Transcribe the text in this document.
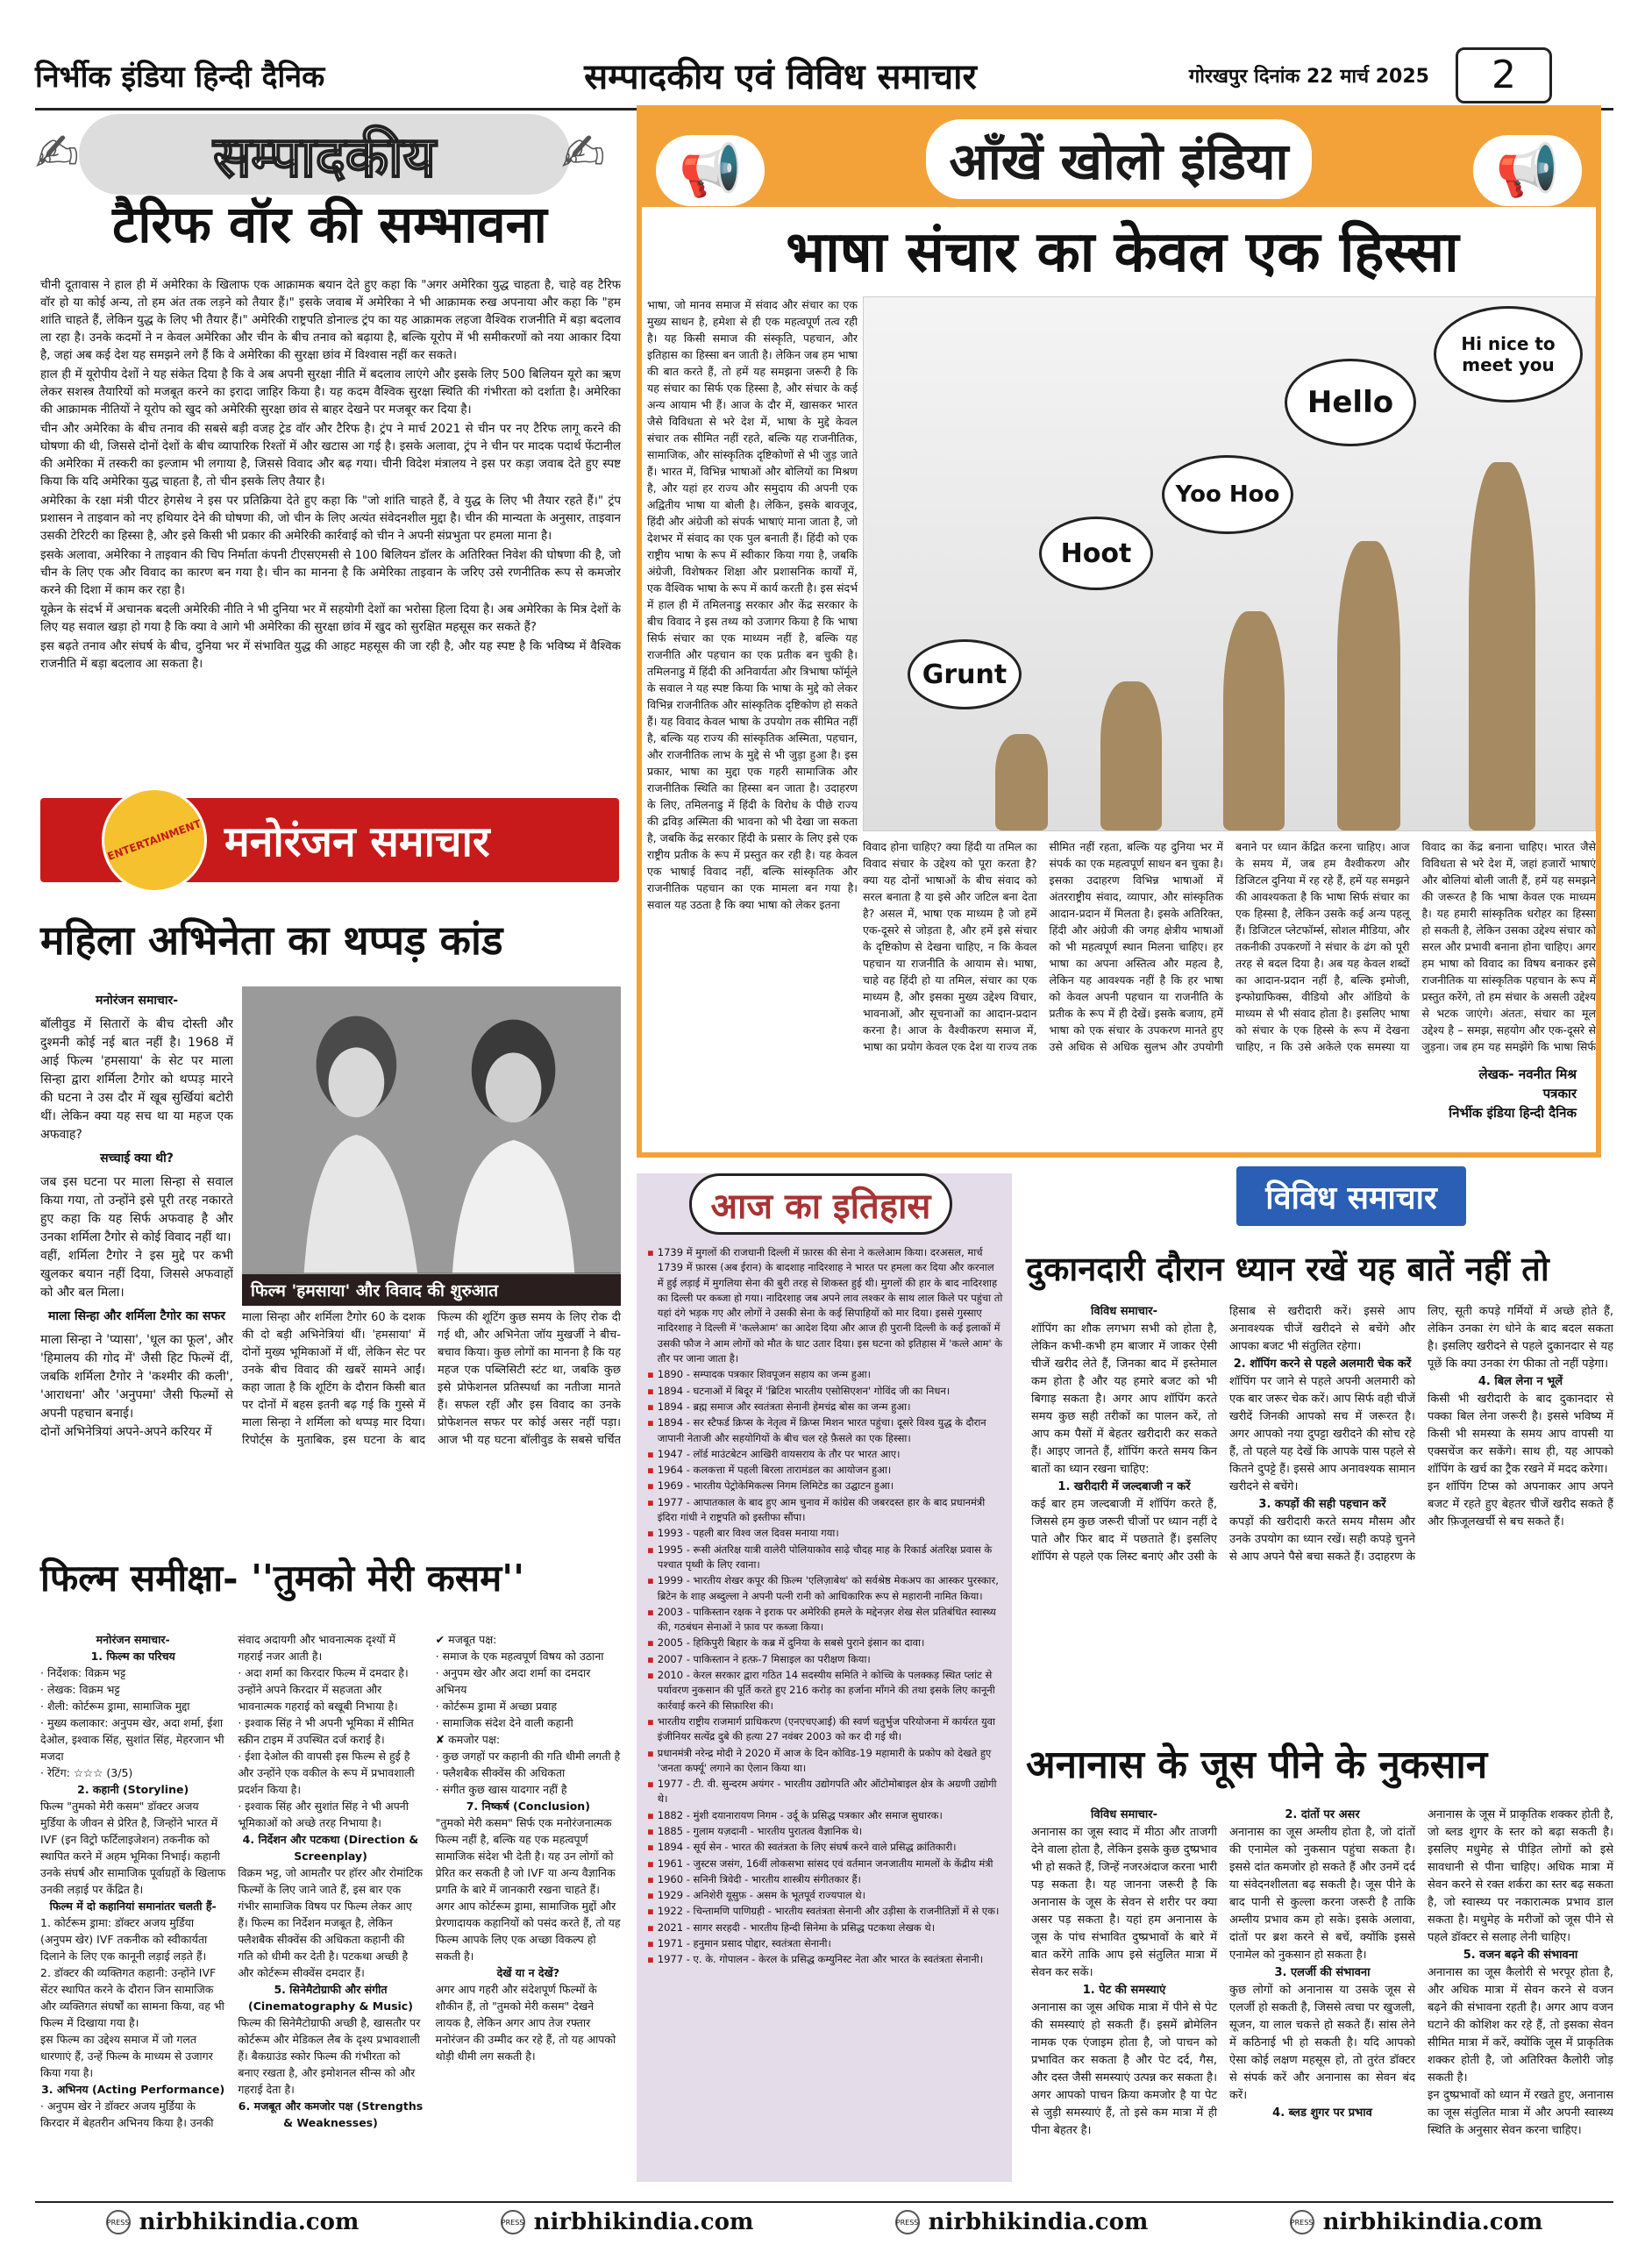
निर्भीक इंडिया हिन्दी दैनिक	सम्पादकीय एवं विविध समाचार	गोरखपुर दिनांक 22 मार्च 2025	2
✍ सम्पादकीय ✍
टैरिफ वॉर की सम्भावना

चीनी दूतावास ने हाल ही में अमेरिका के खिलाफ एक आक्रामक बयान देते हुए कहा कि "अगर अमेरिका युद्ध चाहता है, चाहे वह टैरिफ वॉर हो या कोई अन्य, तो हम अंत तक लड़ने को तैयार हैं।" इसके जवाब में अमेरिका ने भी आक्रामक रुख अपनाया और कहा कि "हम शांति चाहते हैं, लेकिन युद्ध के लिए भी तैयार हैं।" अमेरिकी राष्ट्रपति डोनाल्ड ट्रंप का यह आक्रामक लहजा वैश्विक राजनीति में बड़ा बदलाव ला रहा है। उनके कदमों ने न केवल अमेरिका और चीन के बीच तनाव को बढ़ाया है, बल्कि यूरोप में भी समीकरणों को नया आकार दिया है, जहां अब कई देश यह समझने लगे हैं कि वे अमेरिका की सुरक्षा छांव में विश्वास नहीं कर सकते।

हाल ही में यूरोपीय देशों ने यह संकेत दिया है कि वे अब अपनी सुरक्षा नीति में बदलाव लाएंगे और इसके लिए 500 बिलियन यूरो का ऋण लेकर सशस्त्र तैयारियों को मजबूत करने का इरादा जाहिर किया है। यह कदम वैश्विक सुरक्षा स्थिति की गंभीरता को दर्शाता है। अमेरिका की आक्रामक नीतियों ने यूरोप को खुद को अमेरिकी सुरक्षा छांव से बाहर देखने पर मजबूर कर दिया है।

चीन और अमेरिका के बीच तनाव की सबसे बड़ी वजह ट्रेड वॉर और टैरिफ है। ट्रंप ने मार्च 2021 से चीन पर नए टैरिफ लागू करने की घोषणा की थी, जिससे दोनों देशों के बीच व्यापारिक रिश्तों में और खटास आ गई है। इसके अलावा, ट्रंप ने चीन पर मादक पदार्थ फेंटानील की अमेरिका में तस्करी का इल्जाम भी लगाया है, जिससे विवाद और बढ़ गया। चीनी विदेश मंत्रालय ने इस पर कड़ा जवाब देते हुए स्पष्ट किया कि यदि अमेरिका युद्ध चाहता है, तो चीन इसके लिए तैयार है।

अमेरिका के रक्षा मंत्री पीटर हेगसेथ ने इस पर प्रतिक्रिया देते हुए कहा कि "जो शांति चाहते हैं, वे युद्ध के लिए भी तैयार रहते हैं।" ट्रंप प्रशासन ने ताइवान को नए हथियार देने की घोषणा की, जो चीन के लिए अत्यंत संवेदनशील मुद्दा है। चीन की मान्यता के अनुसार, ताइवान उसकी टेरिटरी का हिस्सा है, और इसे किसी भी प्रकार की अमेरिकी कार्रवाई को चीन ने अपनी संप्रभुता पर हमला माना है।

इसके अलावा, अमेरिका ने ताइवान की चिप निर्माता कंपनी टीएसएमसी से 100 बिलियन डॉलर के अतिरिक्त निवेश की घोषणा की है, जो चीन के लिए एक और विवाद का कारण बन गया है। चीन का मानना है कि अमेरिका ताइवान के जरिए उसे रणनीतिक रूप से कमजोर करने की दिशा में काम कर रहा है।

यूक्रेन के संदर्भ में अचानक बदली अमेरिकी नीति ने भी दुनिया भर में सहयोगी देशों का भरोसा हिला दिया है। अब अमेरिका के मित्र देशों के लिए यह सवाल खड़ा हो गया है कि क्या वे आगे भी अमेरिका की सुरक्षा छांव में खुद को सुरक्षित महसूस कर सकते हैं?

इस बढ़ते तनाव और संघर्ष के बीच, दुनिया भर में संभावित युद्ध की आहट महसूस की जा रही है, और यह स्पष्ट है कि भविष्य में वैश्विक राजनीति में बड़ा बदलाव आ सकता है।

ENTERTAINMENT मनोरंजन समाचार
महिला अभिनेता का थप्पड़ कांड
मनोरंजन समाचार-

बॉलीवुड में सितारों के बीच दोस्ती और दुश्मनी कोई नई बात नहीं है। 1968 में आई फिल्म 'हमसाया' के सेट पर माला सिन्हा द्वारा शर्मिला टैगोर को थप्पड़ मारने की घटना ने उस दौर में खूब सुर्खियां बटोरी थीं। लेकिन क्या यह सच था या महज एक अफवाह?

सच्चाई क्या थी?

जब इस घटना पर माला सिन्हा से सवाल किया गया, तो उन्होंने इसे पूरी तरह नकारते हुए कहा कि यह सिर्फ अफवाह है और उनका शर्मिला टैगोर से कोई विवाद नहीं था।

वहीं, शर्मिला टैगोर ने इस मुद्दे पर कभी खुलकर बयान नहीं दिया, जिससे अफवाहों को और बल मिला।

माला सिन्हा और शर्मिला टैगोर का सफर

माला सिन्हा ने 'प्यासा', 'धूल का फूल', और 'हिमालय की गोद में' जैसी हिट फिल्में दीं, जबकि शर्मिला टैगोर ने 'कश्मीर की कली', 'आराधना' और 'अनुपमा' जैसी फिल्मों से अपनी पहचान बनाई।

दोनों अभिनेत्रियां अपने-अपने करियर में

फिल्म 'हमसाया' और विवाद की शुरुआत
माला सिन्हा और शर्मिला टैगोर 60 के दशक की दो बड़ी अभिनेत्रियां थीं। 'हमसाया' में दोनों मुख्य भूमिकाओं में थीं, लेकिन सेट पर उनके बीच विवाद की खबरें सामने आईं। कहा जाता है कि शूटिंग के दौरान किसी बात पर दोनों में बहस इतनी बढ़ गई कि गुस्से में माला सिन्हा ने शर्मिला को थप्पड़ मार दिया। रिपोर्ट्स के मुताबिक, इस घटना के बाद फिल्म की शूटिंग कुछ समय के लिए रोक दी गई थी, और अभिनेता जॉय मुखर्जी ने बीच-बचाव किया। कुछ लोगों का मानना है कि यह महज एक पब्लिसिटी स्टंट था, जबकि कुछ इसे प्रोफेशनल प्रतिस्पर्धा का नतीजा मानते हैं। सफल रहीं और इस विवाद का उनके प्रोफेशनल सफर पर कोई असर नहीं पड़ा। आज भी यह घटना बॉलीवुड के सबसे चर्चित
फिल्म समीक्षा- ''तुमको मेरी कसम''
मनोरंजन समाचार-
1. फिल्म का परिचय

· निर्देशक: विक्रम भट्ट

· लेखक: विक्रम भट्ट

· शैली: कोर्टरूम ड्रामा, सामाजिक मुद्दा

· मुख्य कलाकार: अनुपम खेर, अदा शर्मा, ईशा देओल, इश्वाक सिंह, सुशांत सिंह, मेहरजान भी मजदा

· रेटिंग: ☆☆☆ (3/5)

2. कहानी (Storyline)

फिल्म "तुमको मेरी कसम" डॉक्टर अजय मुर्डिया के जीवन से प्रेरित है, जिन्होंने भारत में IVF (इन विट्रो फर्टिलाइजेशन) तकनीक को स्थापित करने में अहम भूमिका निभाई। कहानी उनके संघर्ष और सामाजिक पूर्वाग्रहों के खिलाफ उनकी लड़ाई पर केंद्रित है।

फिल्म में दो कहानियां समानांतर चलती हैं-

1. कोर्टरूम ड्रामा: डॉक्टर अजय मुर्डिया (अनुपम खेर) IVF तकनीक को स्वीकार्यता दिलाने के लिए एक कानूनी लड़ाई लड़ते हैं।

2. डॉक्टर की व्यक्तिगत कहानी: उन्होंने IVF सेंटर स्थापित करने के दौरान जिन सामाजिक और व्यक्तिगत संघर्षों का सामना किया, वह भी फिल्म में दिखाया गया है।

इस फिल्म का उद्देश्य समाज में जो गलत धारणाएं हैं, उन्हें फिल्म के माध्यम से उजागर किया गया है।

3. अभिनय (Acting Performance)

· अनुपम खेर ने डॉक्टर अजय मुर्डिया के किरदार में बेहतरीन अभिनय किया है। उनकी संवाद अदायगी और भावनात्मक दृश्यों में गहराई नजर आती है।

· अदा शर्मा का किरदार फिल्म में दमदार है। उन्होंने अपने किरदार में सहजता और भावनात्मक गहराई को बखूबी निभाया है।

· इश्वाक सिंह ने भी अपनी भूमिका में सीमित स्क्रीन टाइम में उपस्थित दर्ज कराई है।

· ईशा देओल की वापसी इस फिल्म से हुई है और उन्होंने एक वकील के रूप में प्रभावशाली प्रदर्शन किया है।

· इश्वाक सिंह और सुशांत सिंह ने भी अपनी भूमिकाओं को अच्छे तरह निभाया है।

4. निर्देशन और पटकथा (Direction & Screenplay)

विक्रम भट्ट, जो आमतौर पर हॉरर और रोमांटिक फिल्मों के लिए जाने जाते हैं, इस बार एक गंभीर सामाजिक विषय पर फिल्म लेकर आए हैं। फिल्म का निर्देशन मजबूत है, लेकिन फ्लैशबैक सीक्वेंस की अधिकता कहानी की गति को धीमी कर देती है। पटकथा अच्छी है और कोर्टरूम सीक्वेंस दमदार हैं।

5. सिनेमैटोग्राफी और संगीत (Cinematography & Music)

फिल्म की सिनेमैटोग्राफी अच्छी है, खासतौर पर कोर्टरूम और मेडिकल लैब के दृश्य प्रभावशाली हैं। बैकग्राउंड स्कोर फिल्म की गंभीरता को बनाए रखता है, और इमोशनल सीन्स को और गहराई देता है।

6. मजबूत और कमजोर पक्ष (Strengths & Weaknesses)

✔ मजबूत पक्ष:

· समाज के एक महत्वपूर्ण विषय को उठाना

· अनुपम खेर और अदा शर्मा का दमदार अभिनय

· कोर्टरूम ड्रामा में अच्छा प्रवाह

· सामाजिक संदेश देने वाली कहानी

✘ कमजोर पक्ष:

· कुछ जगहों पर कहानी की गति धीमी लगती है

· फ्लैशबैक सीक्वेंस की अधिकता

· संगीत कुछ खास यादगार नहीं है

7. निष्कर्ष (Conclusion)

"तुमको मेरी कसम" सिर्फ एक मनोरंजनात्मक फिल्म नहीं है, बल्कि यह एक महत्वपूर्ण सामाजिक संदेश भी देती है। यह उन लोगों को प्रेरित कर सकती है जो IVF या अन्य वैज्ञानिक प्रगति के बारे में जानकारी रखना चाहते हैं। अगर आप कोर्टरूम ड्रामा, सामाजिक मुद्दों और प्रेरणादायक कहानियों को पसंद करते हैं, तो यह फिल्म आपके लिए एक अच्छा विकल्प हो सकती है।

देखें या न देखें?

अगर आप गहरी और संदेशपूर्ण फिल्मों के शौकीन हैं, तो "तुमको मेरी कसम" देखने लायक है, लेकिन अगर आप तेज रफ्तार मनोरंजन की उम्मीद कर रहे हैं, तो यह आपको थोड़ी धीमी लग सकती है।

📢	आँखें खोलो इंडिया	📢
भाषा संचार का केवल एक हिस्सा
भाषा, जो मानव समाज में संवाद और संचार का एक मुख्य साधन है, हमेशा से ही एक महत्वपूर्ण तत्व रही है। यह किसी समाज की संस्कृति, पहचान, और इतिहास का हिस्सा बन जाती है। लेकिन जब हम भाषा की बात करते हैं, तो हमें यह समझना जरूरी है कि यह संचार का सिर्फ एक हिस्सा है, और संचार के कई अन्य आयाम भी हैं। आज के दौर में, खासकर भारत जैसे विविधता से भरे देश में, भाषा के मुद्दे केवल संचार तक सीमित नहीं रहते, बल्कि यह राजनीतिक, सामाजिक, और सांस्कृतिक दृष्टिकोणों से भी जुड़ जाते हैं। भारत में, विभिन्न भाषाओं और बोलियों का मिश्रण है, और यहां हर राज्य और समुदाय की अपनी एक अद्वितीय भाषा या बोली है। लेकिन, इसके बावजूद, हिंदी और अंग्रेजी को संपर्क भाषाएं माना जाता है, जो देशभर में संवाद का एक पुल बनाती हैं। हिंदी को एक राष्ट्रीय भाषा के रूप में स्वीकार किया गया है, जबकि अंग्रेजी, विशेषकर शिक्षा और प्रशासनिक कार्यों में, एक वैश्विक भाषा के रूप में कार्य करती है। इस संदर्भ में हाल ही में तमिलनाडु सरकार और केंद्र सरकार के बीच विवाद ने इस तथ्य को उजागर किया है कि भाषा सिर्फ संचार का एक माध्यम नहीं है, बल्कि यह राजनीति और पहचान का एक प्रतीक बन चुकी है। तमिलनाडु में हिंदी की अनिवार्यता और त्रिभाषा फॉर्मूले के सवाल ने यह स्पष्ट किया कि भाषा के मुद्दे को लेकर विभिन्न राजनीतिक और सांस्कृतिक दृष्टिकोण हो सकते हैं। यह विवाद केवल भाषा के उपयोग तक सीमित नहीं है, बल्कि यह राज्य की सांस्कृतिक अस्मिता, पहचान, और राजनीतिक लाभ के मुद्दे से भी जुड़ा हुआ है। इस प्रकार, भाषा का मुद्दा एक गहरी सामाजिक और राजनीतिक स्थिति का हिस्सा बन जाता है। उदाहरण के लिए, तमिलनाडु में हिंदी के विरोध के पीछे राज्य की द्रविड़ अस्मिता की भावना को भी देखा जा सकता है, जबकि केंद्र सरकार हिंदी के प्रसार के लिए इसे एक राष्ट्रीय प्रतीक के रूप में प्रस्तुत कर रही है। यह केवल एक भाषाई विवाद नहीं, बल्कि सांस्कृतिक और राजनीतिक पहचान का एक मामला बन गया है। सवाल यह उठता है कि क्या भाषा को लेकर इतना
Grunt
Hoot
Yoo Hoo
Hello
Hi nice to meet you
विवाद होना चाहिए? क्या हिंदी या तमिल का विवाद संचार के उद्देश्य को पूरा करता है? क्या यह दोनों भाषाओं के बीच संवाद को सरल बनाता है या इसे और जटिल बना देता है? असल में, भाषा एक माध्यम है जो हमें एक-दूसरे से जोड़ता है, और हमें इसे संचार के दृष्टिकोण से देखना चाहिए, न कि केवल पहचान या राजनीति के आयाम से। भाषा, चाहे वह हिंदी हो या तमिल, संचार का एक माध्यम है, और इसका मुख्य उद्देश्य विचार, भावनाओं, और सूचनाओं का आदान-प्रदान करना है। आज के वैश्वीकरण समाज में, भाषा का प्रयोग केवल एक देश या राज्य तक सीमित नहीं रहता, बल्कि यह दुनिया भर में संपर्क का एक महत्वपूर्ण साधन बन चुका है। इसका उदाहरण विभिन्न भाषाओं में अंतरराष्ट्रीय संवाद, व्यापार, और सांस्कृतिक आदान-प्रदान में मिलता है। इसके अतिरिक्त, हिंदी और अंग्रेजी की जगह क्षेत्रीय भाषाओं को भी महत्वपूर्ण स्थान मिलना चाहिए। हर भाषा का अपना अस्तित्व और महत्व है, लेकिन यह आवश्यक नहीं है कि हर भाषा को केवल अपनी पहचान या राजनीति के प्रतीक के रूप में ही देखें। इसके बजाय, हमें भाषा को एक संचार के उपकरण मानते हुए उसे अधिक से अधिक सुलभ और उपयोगी बनाने पर ध्यान केंद्रित करना चाहिए। आज के समय में, जब हम वैश्वीकरण और डिजिटल दुनिया में रह रहे हैं, हमें यह समझने की आवश्यकता है कि भाषा सिर्फ संचार का एक हिस्सा है, लेकिन उसके कई अन्य पहलू हैं। डिजिटल प्लेटफॉर्म्स, सोशल मीडिया, और तकनीकी उपकरणों ने संचार के ढंग को पूरी तरह से बदल दिया है। अब यह केवल शब्दों का आदान-प्रदान नहीं है, बल्कि इमोजी, इन्फोग्राफिक्स, वीडियो और ऑडियो के माध्यम से भी संवाद होता है। इसलिए भाषा को संचार के एक हिस्से के रूप में देखना चाहिए, न कि उसे अकेले एक समस्या या विवाद का केंद्र बनाना चाहिए। भारत जैसे विविधता से भरे देश में, जहां हजारों भाषाएं और बोलियां बोली जाती हैं, हमें यह समझने की जरूरत है कि भाषा केवल एक माध्यम है। यह हमारी सांस्कृतिक धरोहर का हिस्सा हो सकती है, लेकिन उसका उद्देश्य संचार को सरल और प्रभावी बनाना होना चाहिए। अगर हम भाषा को विवाद का विषय बनाकर इसे राजनीतिक या सांस्कृतिक पहचान के रूप में प्रस्तुत करेंगे, तो हम संचार के असली उद्देश्य से भटक जाएंगे। अंततः, संचार का मूल उद्देश्य है – समझ, सहयोग और एक-दूसरे से जुड़ना। जब हम यह समझेंगे कि भाषा सिर्फ
लेखक- नवनीत मिश्र
पत्रकार
निर्भीक इंडिया हिन्दी दैनिक
आज का इतिहास
▪ 1739 में मुगलों की राजधानी दिल्ली में फ़ारस की सेना ने कत्लेआम किया। दरअसल, मार्च 1739 में फ़ारस (अब ईरान) के बादशाह नादिरशाह ने भारत पर हमला कर दिया और करनाल में हुई लड़ाई में मुगलिया सेना की बुरी तरह से शिकस्त हुई थी। मुगलों की हार के बाद नादिरशाह का दिल्ली पर कब्जा हो गया। नादिरशाह जब अपने लाव लश्कर के साथ लाल किले पर पहुंचा तो यहां दंगे भड़क गए और लोगों ने उसकी सेना के कई सिपाहियों को मार दिया। इससे गुस्साए नादिरशाह ने दिल्ली में 'कत्लेआम' का आदेश दिया और आज ही पुरानी दिल्ली के कई इलाकों में उसकी फौज ने आम लोगों को मौत के घाट उतार दिया। इस घटना को इतिहास में 'कत्ले आम' के तौर पर जाना जाता है।
▪ 1890 - सम्पादक पत्रकार शिवपूजन सहाय का जन्म हुआ।
▪ 1894 - घटनाओं में बिदूर में 'ब्रिटिश भारतीय एसोसिएशन' गोविंद जी का निधन।
▪ 1894 - ब्रह्म समाज और स्वतंत्रता सेनानी हेमचंद्र बोस का जन्म हुआ।
▪ 1894 - सर स्टैफर्ड क्रिप्स के नेतृत्व में क्रिप्स मिशन भारत पहुंचा। दूसरे विश्व युद्ध के दौरान जापानी नेताजी और सहयोगियों के बीच चल रहे फ़ैसले का एक हिस्सा।
▪ 1947 - लॉर्ड माउंटबेटन आखिरी वायसराय के तौर पर भारत आए।
▪ 1964 - कलकत्ता में पहली बिरला तारामंडल का आयोजन हुआ।
▪ 1969 - भारतीय पेट्रोकेमिकल्स निगम लिमिटेड का उद्घाटन हुआ।
▪ 1977 - आपातकाल के बाद हुए आम चुनाव में कांग्रेस की जबरदस्त हार के बाद प्रधानमंत्री इंदिरा गांधी ने राष्ट्रपति को इस्तीफा सौंपा।
▪ 1993 - पहली बार विश्व जल दिवस मनाया गया।
▪ 1995 - रूसी अंतरिक्ष यात्री वालेरी पोलियाकोव साढ़े चौदह माह के रिकार्ड अंतरिक्ष प्रवास के पश्चात पृथ्वी के लिए रवाना।
▪ 1999 - भारतीय शेखर कपूर की फ़िल्म 'एलिज़ाबेथ' को सर्वश्रेष्ठ मेकअप का आस्कर पुरस्कार, ब्रिटेन के शाह अब्दुल्ला ने अपनी पत्नी रानी को आधिकारिक रूप से महारानी नामित किया।
▪ 2003 - पाकिस्तान रक्षक ने इराक पर अमेरिकी हमले के मद्देनज़र शेख सेल प्रतिबंधित स्वास्थ्य की, गठबंधन सेनाओं ने फ़ाव पर कब्जा किया।
▪ 2005 - हिकिपुरी बिहार के कब्र में दुनिया के सबसे पुराने इंसान का दावा।
▪ 2007 - पाकिस्तान ने हत्फ़-7 मिसाइल का परीक्षण किया।
▪ 2010 - केरल सरकार द्वारा गठित 14 सदस्यीय समिति ने कोच्चि के पलक्कड़ स्थित प्लांट से पर्यावरण नुकसान की पूर्ति करते हुए 216 करोड़ का हर्जाना माँगने की तथा इसके लिए कानूनी कार्रवाई करने की सिफ़ारिश की।
▪ भारतीय राष्ट्रीय राजमार्ग प्राधिकरण (एनएचएआई) की स्वर्ण चतुर्भुज परियोजना में कार्यरत युवा इंजीनियर सत्येंद्र दुबे की हत्या 27 नवंबर 2003 को कर दी गई थी।
▪ प्रधानमंत्री नरेन्द्र मोदी ने 2020 में आज के दिन कोविड-19 महामारी के प्रकोप को देखते हुए 'जनता कर्फ्यू' लगाने का ऐलान किया था।
▪ 1977 - टी. वी. सुन्दरम अयंगर - भारतीय उद्योगपति और ऑटोमोबाइल क्षेत्र के अग्रणी उद्योगी थे।
▪ 1882 - मुंशी दयानारायण निगम - उर्दू के प्रसिद्ध पत्रकार और समाज सुधारक।
▪ 1885 - गुलाम यज़दानी - भारतीय पुरातत्व वैज्ञानिक थे।
▪ 1894 - सूर्य सेन - भारत की स्वतंत्रता के लिए संघर्ष करने वाले प्रसिद्ध क्रांतिकारी।
▪ 1961 - जुस्टस जसंग, 16वीं लोकसभा सांसद एवं वर्तमान जनजातीय मामलों के केंद्रीय मंत्री
▪ 1960 - सनिनी त्रिवेदी - भारतीय शास्त्रीय संगीतकार हैं।
▪ 1929 - अनिशेरी यूसुफ़ - असम के भूतपूर्व राज्यपाल थे।
▪ 1922 - चिन्तामणि पाणिग्रही - भारतीय स्वतंत्रता सेनानी और उड़ीसा के राजनीतिज्ञों में से एक।
▪ 2021 - सागर सरहदी - भारतीय हिन्दी सिनेमा के प्रसिद्ध पटकथा लेखक थे।
▪ 1971 - हनुमान प्रसाद पोद्दार, स्वतंत्रता सेनानी।
▪ 1977 - ए. के. गोपालन - केरल के प्रसिद्ध कम्युनिस्ट नेता और भारत के स्वतंत्रता सेनानी।
विविध समाचार
दुकानदारी दौरान ध्यान रखें यह बातें नहीं तो
विविध समाचार-

शॉपिंग का शौक लगभग सभी को होता है, लेकिन कभी-कभी हम बाजार में जाकर ऐसी चीजें खरीद लेते हैं, जिनका बाद में इस्तेमाल कम होता है और यह हमारे बजट को भी बिगाड़ सकता है। अगर आप शॉपिंग करते समय कुछ सही तरीकों का पालन करें, तो आप कम पैसों में बेहतर खरीदारी कर सकते हैं। आइए जानते हैं, शॉपिंग करते समय किन बातों का ध्यान रखना चाहिए:

1. खरीदारी में जल्दबाजी न करें

कई बार हम जल्दबाजी में शॉपिंग करते हैं, जिससे हम कुछ जरूरी चीजों पर ध्यान नहीं दे पाते और फिर बाद में पछताते हैं। इसलिए शॉपिंग से पहले एक लिस्ट बनाएं और उसी के हिसाब से खरीदारी करें। इससे आप अनावश्यक चीजें खरीदने से बचेंगे और आपका बजट भी संतुलित रहेगा।

2. शॉपिंग करने से पहले अलमारी चेक करें

शॉपिंग पर जाने से पहले अपनी अलमारी को एक बार जरूर चेक करें। आप सिर्फ वही चीजें खरीदें जिनकी आपको सच में जरूरत है। अगर आपको नया दुपट्टा खरीदने की सोच रहे हैं, तो पहले यह देखें कि आपके पास पहले से कितने दुपट्टे हैं। इससे आप अनावश्यक सामान खरीदने से बचेंगे।

3. कपड़ों की सही पहचान करें

कपड़ों की खरीदारी करते समय मौसम और उनके उपयोग का ध्यान रखें। सही कपड़े चुनने से आप अपने पैसे बचा सकते हैं। उदाहरण के लिए, सूती कपड़े गर्मियों में अच्छे होते हैं, लेकिन उनका रंग धोने के बाद बदल सकता है। इसलिए खरीदने से पहले दुकानदार से यह पूछें कि क्या उनका रंग फीका तो नहीं पड़ेगा।

4. बिल लेना न भूलें

किसी भी खरीदारी के बाद दुकानदार से पक्का बिल लेना जरूरी है। इससे भविष्य में किसी भी समस्या के समय आप वापसी या एक्सचेंज कर सकेंगे। साथ ही, यह आपको शॉपिंग के खर्च का ट्रैक रखने में मदद करेगा।

इन शॉपिंग टिप्स को अपनाकर आप अपने बजट में रहते हुए बेहतर चीजें खरीद सकते हैं और फ़िजूलखर्ची से बच सकते हैं।

अनानास के जूस पीने के नुकसान
विविध समाचार-

अनानास का जूस स्वाद में मीठा और ताजगी देने वाला होता है, लेकिन इसके कुछ दुष्प्रभाव भी हो सकते हैं, जिन्हें नजरअंदाज करना भारी पड़ सकता है। यह जानना जरूरी है कि अनानास के जूस के सेवन से शरीर पर क्या असर पड़ सकता है। यहां हम अनानास के जूस के पांच संभावित दुष्प्रभावों के बारे में बात करेंगे ताकि आप इसे संतुलित मात्रा में सेवन कर सकें।

1. पेट की समस्याएं

अनानास का जूस अधिक मात्रा में पीने से पेट की समस्याएं हो सकती हैं। इसमें ब्रोमेलिन नामक एक एंजाइम होता है, जो पाचन को प्रभावित कर सकता है और पेट दर्द, गैस, और दस्त जैसी समस्याएं उत्पन्न कर सकता है। अगर आपको पाचन क्रिया कमजोर है या पेट से जुड़ी समस्याएं हैं, तो इसे कम मात्रा में ही पीना बेहतर है।

2. दांतों पर असर

अनानास का जूस अम्लीय होता है, जो दांतों की एनामेल को नुकसान पहुंचा सकता है। इससे दांत कमजोर हो सकते हैं और उनमें दर्द या संवेदनशीलता बढ़ सकती है। जूस पीने के बाद पानी से कुल्ला करना जरूरी है ताकि अम्लीय प्रभाव कम हो सके। इसके अलावा, दांतों पर ब्रश करने से बचें, क्योंकि इससे एनामेल को नुकसान हो सकता है।

3. एलर्जी की संभावना

कुछ लोगों को अनानास या उसके जूस से एलर्जी हो सकती है, जिससे त्वचा पर खुजली, सूजन, या लाल चकत्ते हो सकते हैं। सांस लेने में कठिनाई भी हो सकती है। यदि आपको ऐसा कोई लक्षण महसूस हो, तो तुरंत डॉक्टर से संपर्क करें और अनानास का सेवन बंद करें।

4. ब्लड शुगर पर प्रभाव

अनानास के जूस में प्राकृतिक शक्कर होती है, जो ब्लड शुगर के स्तर को बढ़ा सकती है। इसलिए मधुमेह से पीड़ित लोगों को इसे सावधानी से पीना चाहिए। अधिक मात्रा में सेवन करने से रक्त शर्करा का स्तर बढ़ सकता है, जो स्वास्थ्य पर नकारात्मक प्रभाव डाल सकता है। मधुमेह के मरीजों को जूस पीने से पहले डॉक्टर से सलाह लेनी चाहिए।

5. वजन बढ़ने की संभावना

अनानास का जूस कैलोरी से भरपूर होता है, और अधिक मात्रा में सेवन करने से वजन बढ़ने की संभावना रहती है। अगर आप वजन घटाने की कोशिश कर रहे हैं, तो इसका सेवन सीमित मात्रा में करें, क्योंकि जूस में प्राकृतिक शक्कर होती है, जो अतिरिक्त कैलोरी जोड़ सकती है।

इन दुष्प्रभावों को ध्यान में रखते हुए, अनानास का जूस संतुलित मात्रा में और अपनी स्वास्थ्य स्थिति के अनुसार सेवन करना चाहिए।

PRESS nirbhikindia.com	PRESS nirbhikindia.com	PRESS nirbhikindia.com	PRESS nirbhikindia.com
